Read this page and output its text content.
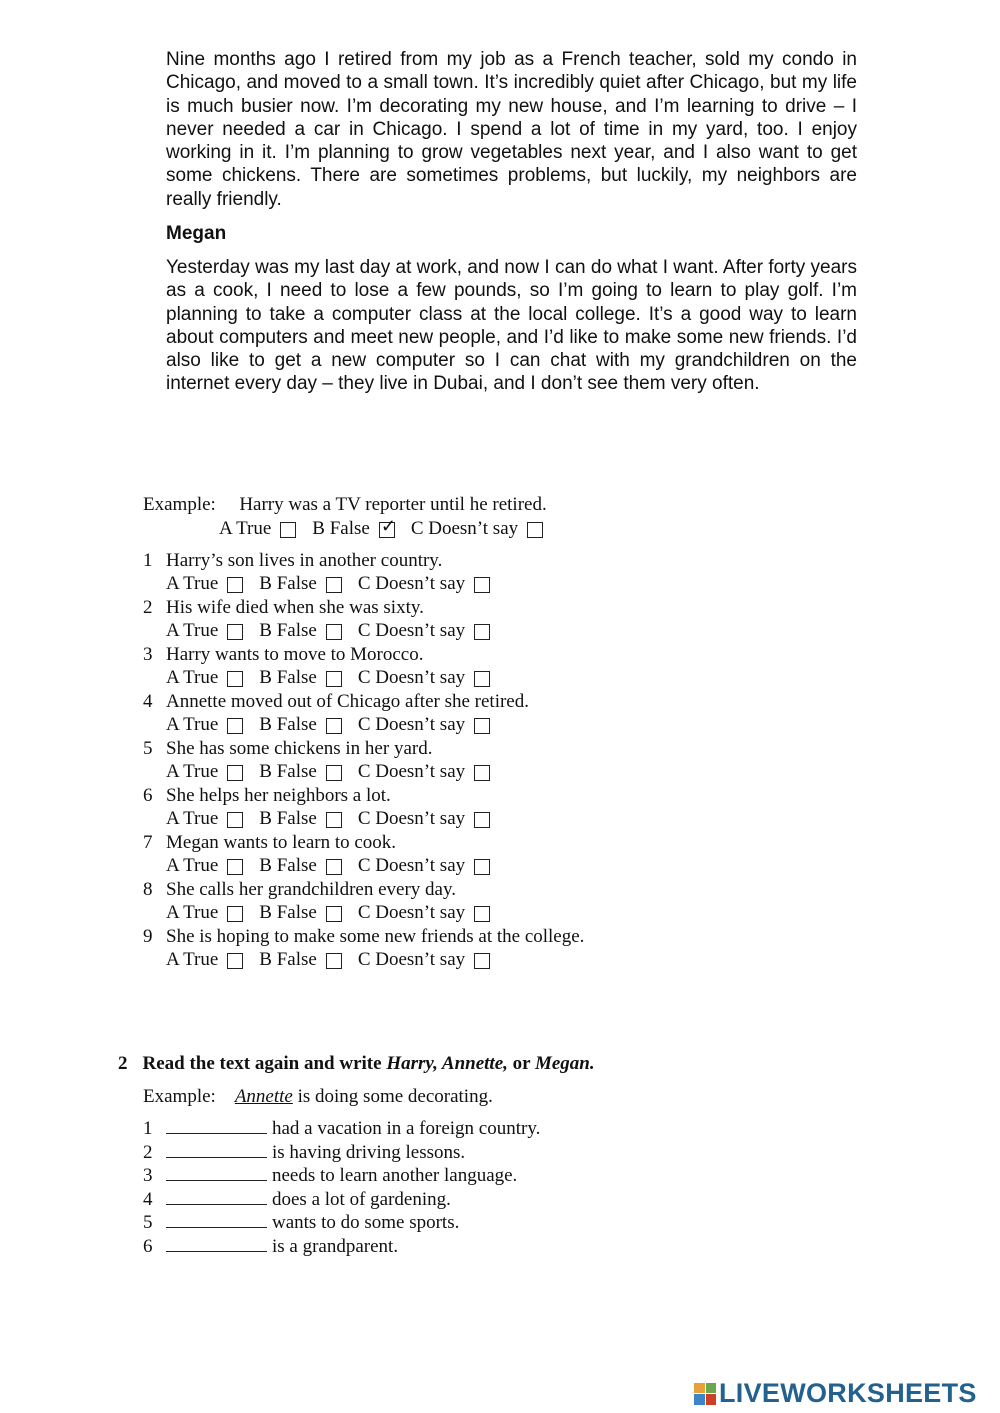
Nine months ago I retired from my job as a French teacher, sold my condo in Chicago, and moved to a small town. It’s incredibly quiet after Chicago, but my life is much busier now. I’m decorating my new house, and I’m learning to drive – I never needed a car in Chicago. I spend a lot of time in my yard, too. I enjoy working in it. I’m planning to grow vegetables next year, and I also want to get some chickens. There are sometimes problems, but luckily, my neighbors are really friendly.

Megan

Yesterday was my last day at work, and now I can do what I want. After forty years as a cook, I need to lose a few pounds, so I’m going to learn to play golf. I’m planning to take a computer class at the local college. It’s a good way to learn about computers and meet new people, and I’d like to make some new friends. I’d also like to get a new computer so I can chat with my grandchildren on the internet every day – they live in Dubai, and I don’t see them very often.

Example: Harry was a TV reporter until he retired.
A True B False ✓ C Doesn’t say
1 Harry’s son lives in another country.
A True B False C Doesn’t say
2 His wife died when she was sixty.
A True B False C Doesn’t say
3 Harry wants to move to Morocco.
A True B False C Doesn’t say
4 Annette moved out of Chicago after she retired.
A True B False C Doesn’t say
5 She has some chickens in her yard.
A True B False C Doesn’t say
6 She helps her neighbors a lot.
A True B False C Doesn’t say
7 Megan wants to learn to cook.
A True B False C Doesn’t say
8 She calls her grandchildren every day.
A True B False C Doesn’t say
9 She is hoping to make some new friends at the college.
A True B False C Doesn’t say
2 Read the text again and write Harry, Annette, or Megan.
Example: Annette is doing some decorating.
1	had a vacation in a foreign country.
2	is having driving lessons.
3	needs to learn another language.
4	does a lot of gardening.
5	wants to do some sports.
6	is a grandparent.
LIVEWORKSHEETS
